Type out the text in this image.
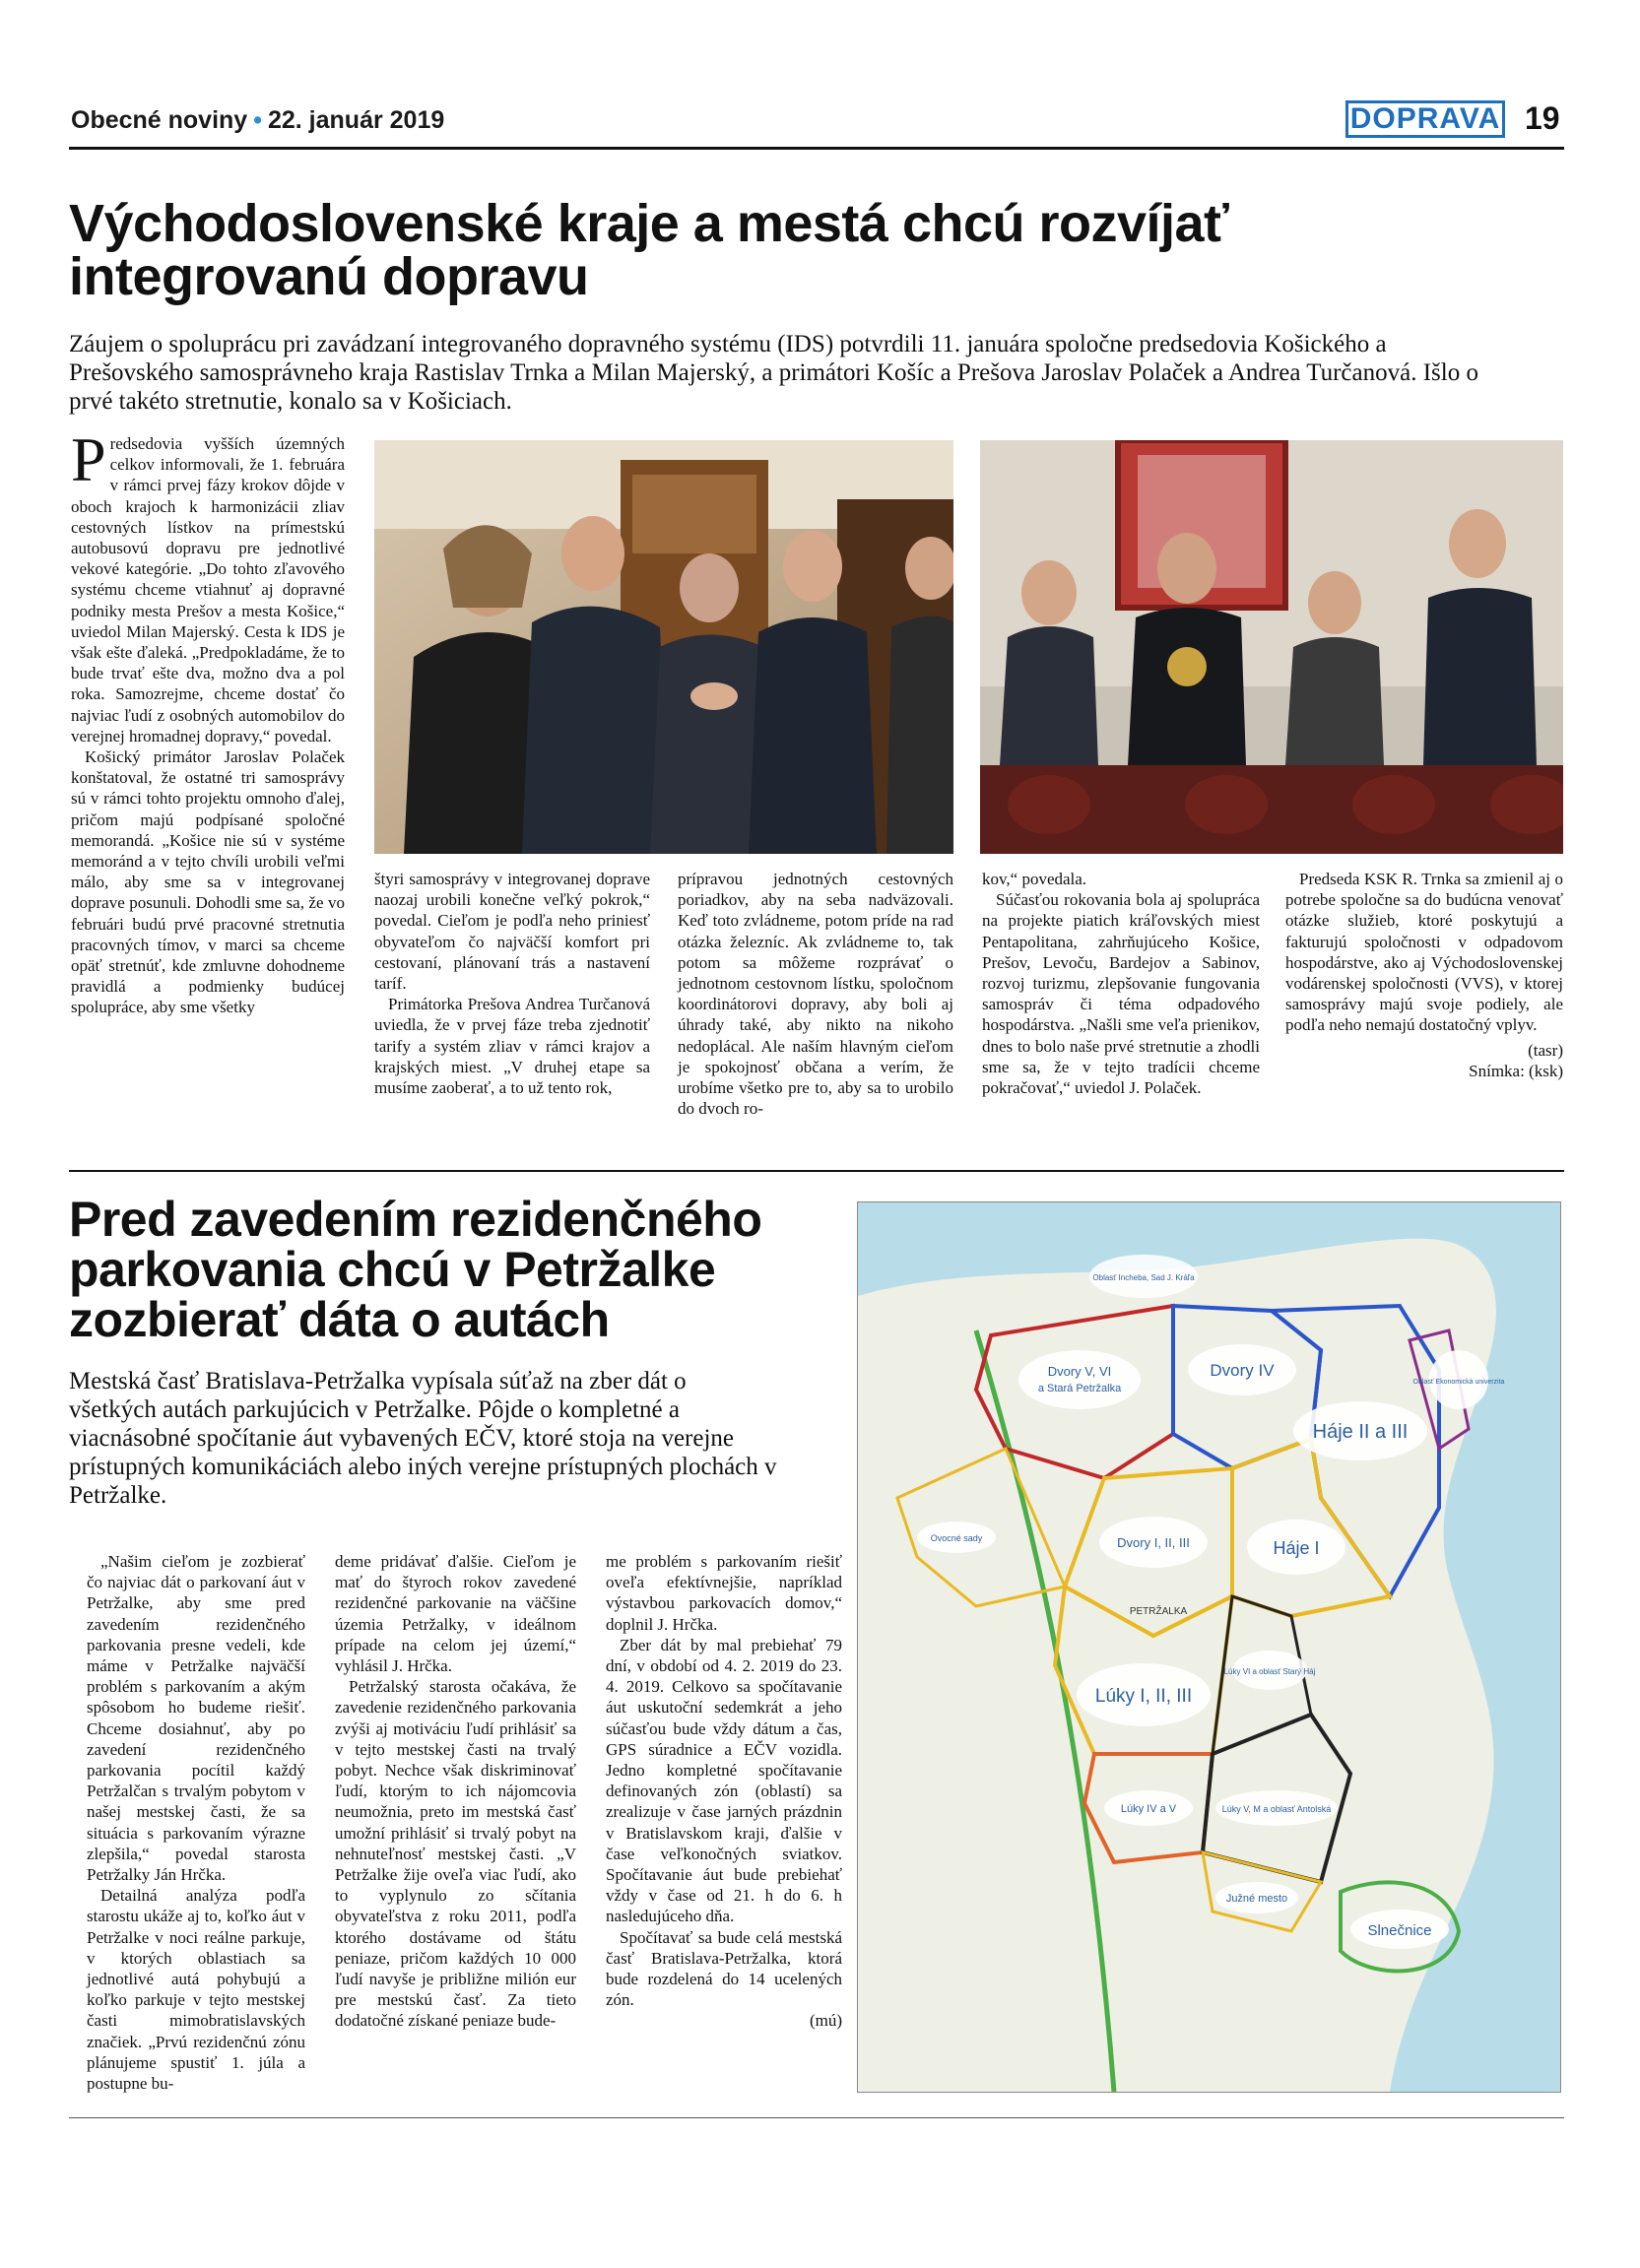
Obecné noviny • 22. január 2019	DOPRAVA 19
Východoslovenské kraje a mestá chcú rozvíjať
integrovanú dopravu
Záujem o spoluprácu pri zavádzaní integrovaného dopravného systému (IDS) potvrdili 11. januára spoločne predsedovia Košického a Prešovského samosprávneho kraja Rastislav Trnka a Milan Majerský, a primátori Košíc a Prešova Jaroslav Polaček a Andrea Turčanová. Išlo o prvé takéto stretnutie, konalo sa v Košiciach.

Predsedovia vyšších územných celkov informovali, že 1. februára v rámci prvej fázy krokov dôjde v oboch krajoch k harmonizácii zliav cestovných lístkov na prímestskú autobusovú dopravu pre jednotlivé vekové kategórie. „Do tohto zľavového systému chceme vtiahnuť aj dopravné podniky mesta Prešov a mesta Košice,“ uviedol Milan Majerský. Cesta k IDS je však ešte ďaleká. „Predpokladáme, že to bude trvať ešte dva, možno dva a pol roka. Samozrejme, chceme dostať čo najviac ľudí z osobných automobilov do verejnej hromadnej dopravy,“ povedal.

Košický primátor Jaroslav Polaček konštatoval, že ostatné tri samosprávy sú v rámci tohto projektu omnoho ďalej, pričom majú podpísané spoločné memorandá. „Košice nie sú v systéme memoránd a v tejto chvíli urobili veľmi málo, aby sme sa v integrovanej doprave posunuli. Dohodli sme sa, že vo februári budú prvé pracovné stretnutia pracovných tímov, v marci sa chceme opäť stretnúť, kde zmluvne dohodneme pravidlá a podmienky budúcej spolupráce, aby sme všetky

štyri samosprávy v integrovanej doprave naozaj urobili konečne veľký pokrok,“ povedal. Cieľom je podľa neho priniesť obyvateľom čo najväčší komfort pri cestovaní, plánovaní trás a nastavení taríf.

Primátorka Prešova Andrea Turčanová uviedla, že v prvej fáze treba zjednotiť tarify a systém zliav v rámci krajov a krajských miest. „V druhej etape sa musíme zaoberať, a to už tento rok,

prípravou jednotných cestovných poriadkov, aby na seba nadväzovali. Keď toto zvládneme, potom príde na rad otázka železníc. Ak zvládneme to, tak potom sa môžeme rozprávať o jednotnom cestovnom lístku, spoločnom koordinátorovi dopravy, aby boli aj úhrady také, aby nikto na nikoho nedoplácal. Ale naším hlavným cieľom je spokojnosť občana a verím, že urobíme všetko pre to, aby sa to urobilo do dvoch ro-

kov,“ povedala.

Súčasťou rokovania bola aj spolupráca na projekte piatich kráľovských miest Pentapolitana, zahrňujúceho Košice, Prešov, Levoču, Bardejov a Sabinov, rozvoj turizmu, zlepšovanie fungovania samospráv či téma odpadového hospodárstva. „Našli sme veľa prienikov, dnes to bolo naše prvé stretnutie a zhodli sme sa, že v tejto tradícii chceme pokračovať,“ uviedol J. Polaček.

Predseda KSK R. Trnka sa zmienil aj o potrebe spoločne sa do budúcna venovať otázke služieb, ktoré poskytujú a fakturujú spoločnosti v odpadovom hospodárstve, ako aj Východoslovenskej vodárenskej spoločnosti (VVS), v ktorej samosprávy majú svoje podiely, ale podľa neho nemajú dostatočný vplyv.

(tasr)

Snímka: (ksk)

Pred zavedením rezidenčného
parkovania chcú v Petržalke
zozbierať dáta o autách
Mestská časť Bratislava-Petržalka vypísala súťaž na zber dát o všetkých autách parkujúcich v Petržalke. Pôjde o kompletné a viacnásobné spočítanie áut vybavených EČV, ktoré stoja na verejne prístupných komunikáciách alebo iných verejne prístupných plochách v Petržalke.

„Našim cieľom je zozbierať čo najviac dát o parkovaní áut v Petržalke, aby sme pred zavedením rezidenčného parkovania presne vedeli, kde máme v Petržalke najväčší problém s parkovaním a akým spôsobom ho budeme riešiť. Chceme dosiahnuť, aby po zavedení rezidenčného parkovania pocítil každý Petržalčan s trvalým pobytom v našej mestskej časti, že sa situácia s parkovaním výrazne zlepšila,“ povedal starosta Petržalky Ján Hrčka.

Detailná analýza podľa starostu ukáže aj to, koľko áut v Petržalke v noci reálne parkuje, v ktorých oblastiach sa jednotlivé autá pohybujú a koľko parkuje v tejto mestskej časti mimobratislavských značiek. „Prvú rezidenčnú zónu plánujeme spustiť 1. júla a postupne bu-

deme pridávať ďalšie. Cieľom je mať do štyroch rokov zavedené rezidenčné parkovanie na väčšine územia Petržalky, v ideálnom prípade na celom jej území,“ vyhlásil J. Hrčka.

Petržalský starosta očakáva, že zavedenie rezidenčného parkovania zvýši aj motiváciu ľudí prihlásiť sa v tejto mestskej časti na trvalý pobyt. Nechce však diskriminovať ľudí, ktorým to ich nájomcovia neumožnia, preto im mestská časť umožní prihlásiť si trvalý pobyt na nehnuteľnosť mestskej časti. „V Petržalke žije oveľa viac ľudí, ako to vyplynulo zo sčítania obyvateľstva z roku 2011, podľa ktorého dostávame od štátu peniaze, pričom každých 10 000 ľudí navyše je približne milión eur pre mestskú časť. Za tieto dodatočné získané peniaze bude-

me problém s parkovaním riešiť oveľa efektívnejšie, napríklad výstavbou parkovacích domov,“ doplnil J. Hrčka.

Zber dát by mal prebiehať 79 dní, v období od 4. 2. 2019 do 23. 4. 2019. Celkovo sa spočítavanie áut uskutoční sedemkrát a jeho súčasťou bude vždy dátum a čas, GPS súradnice a EČV vozidla. Jedno kompletné spočítavanie definovaných zón (oblastí) sa zrealizuje v čase jarných prázdnin v Bratislavskom kraji, ďalšie v čase veľkonočných sviatkov. Spočítavanie áut bude prebiehať vždy v čase od 21. h do 6. h nasledujúceho dňa.

Spočítavať sa bude celá mestská časť Bratislava-Petržalka, ktorá bude rozdelená do 14 ucelených zón.

(mú)

Dvory V, VI
a Stará Petržalka
Dvory IV
Háje II a III
Dvory I, II, III	Háje I
Lúky I, II, III
Lúky VI a oblasť Starý Háj
Lúky IV a V	Lúky V, M a oblasť Antolská
Južné mesto
Slnečnice
Ovocné sady
PETRŽALKA
Oblasť Ekonomická univerzita
Oblasť Incheba, Sad J. Kráľa
